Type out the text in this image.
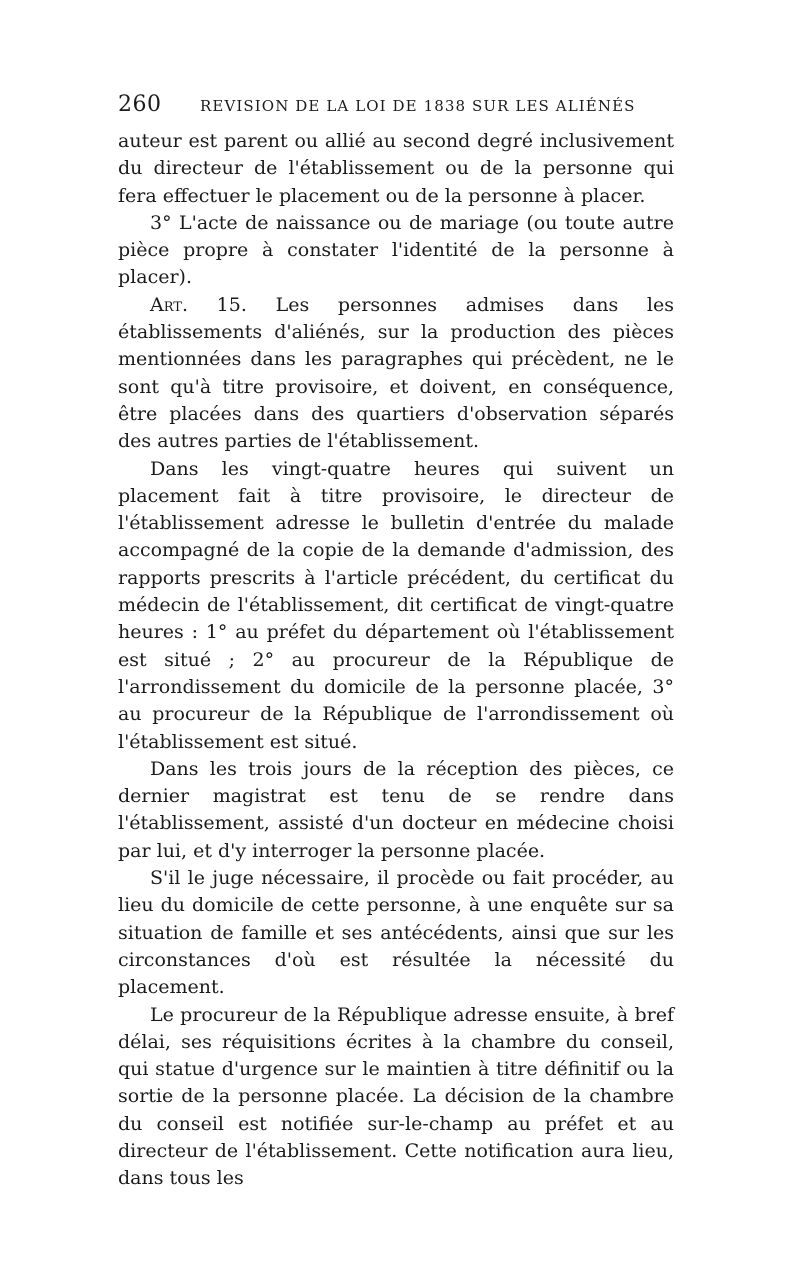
260	REVISION DE LA LOI DE 1838 SUR LES ALIÉNÉS

auteur est parent ou allié au second degré inclusivement du directeur de l'établissement ou de la personne qui fera effectuer le placement ou de la personne à placer.

3° L'acte de naissance ou de mariage (ou toute autre pièce propre à constater l'identité de la personne à placer).

Art. 15. Les personnes admises dans les établissements d'aliénés, sur la production des pièces mentionnées dans les paragraphes qui précèdent, ne le sont qu'à titre provisoire, et doivent, en conséquence, être placées dans des quartiers d'observation séparés des autres parties de l'établissement.

Dans les vingt-quatre heures qui suivent un placement fait à titre provisoire, le directeur de l'établissement adresse le bulletin d'entrée du malade accompagné de la copie de la demande d'admission, des rapports prescrits à l'article précédent, du certificat du médecin de l'établissement, dit certificat de vingt-quatre heures : 1° au préfet du département où l'établissement est situé ; 2° au procureur de la République de l'arrondissement du domicile de la personne placée, 3° au procureur de la République de l'arrondissement où l'établissement est situé.

Dans les trois jours de la réception des pièces, ce dernier magistrat est tenu de se rendre dans l'établissement, assisté d'un docteur en médecine choisi par lui, et d'y interroger la personne placée.

S'il le juge nécessaire, il procède ou fait procéder, au lieu du domicile de cette personne, à une enquête sur sa situation de famille et ses antécédents, ainsi que sur les circonstances d'où est résultée la nécessité du placement.

Le procureur de la République adresse ensuite, à bref délai, ses réquisitions écrites à la chambre du conseil, qui statue d'urgence sur le maintien à titre définitif ou la sortie de la personne placée. La décision de la chambre du conseil est notifiée sur-le-champ au préfet et au directeur de l'établissement. Cette notification aura lieu, dans tous les
